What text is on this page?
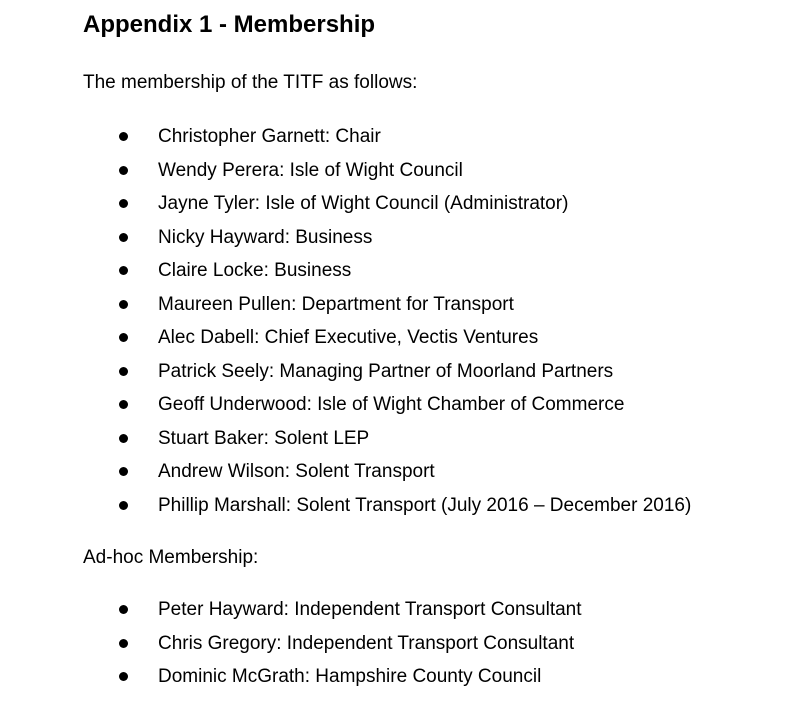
Appendix 1 - Membership

The membership of the TITF as follows:

Christopher Garnett: Chair
Wendy Perera: Isle of Wight Council
Jayne Tyler: Isle of Wight Council (Administrator)
Nicky Hayward: Business
Claire Locke: Business
Maureen Pullen: Department for Transport
Alec Dabell: Chief Executive, Vectis Ventures
Patrick Seely: Managing Partner of Moorland Partners
Geoff Underwood: Isle of Wight Chamber of Commerce
Stuart Baker: Solent LEP
Andrew Wilson: Solent Transport
Phillip Marshall: Solent Transport (July 2016 – December 2016)

Ad-hoc Membership:

Peter Hayward: Independent Transport Consultant
Chris Gregory: Independent Transport Consultant
Dominic McGrath: Hampshire County Council
